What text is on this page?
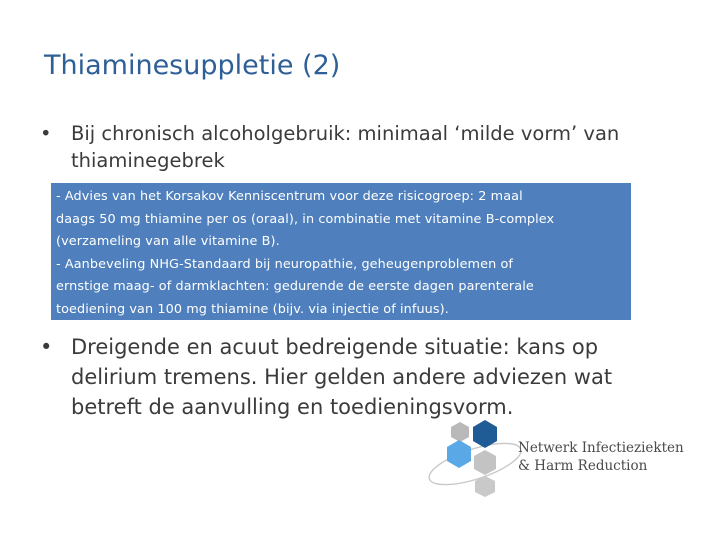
Thiaminesuppletie (2)
• Bij chronisch alcoholgebruik: minimaal ‘milde vorm’ van
thiaminegebrek
- Advies van het Korsakov Kenniscentrum voor deze risicogroep: 2 maal
daags 50 mg thiamine per os (oraal), in combinatie met vitamine B-complex
(verzameling van alle vitamine B).
- Aanbeveling NHG-Standaard bij neuropathie, geheugenproblemen of
ernstige maag- of darmklachten: gedurende de eerste dagen parenterale
toediening van 100 mg thiamine (bijv. via injectie of infuus).
• Dreigende en acuut bedreigende situatie: kans op
delirium tremens. Hier gelden andere adviezen wat
betreft de aanvulling en toedieningsvorm.
Netwerk Infectieziekten
& Harm Reduction
